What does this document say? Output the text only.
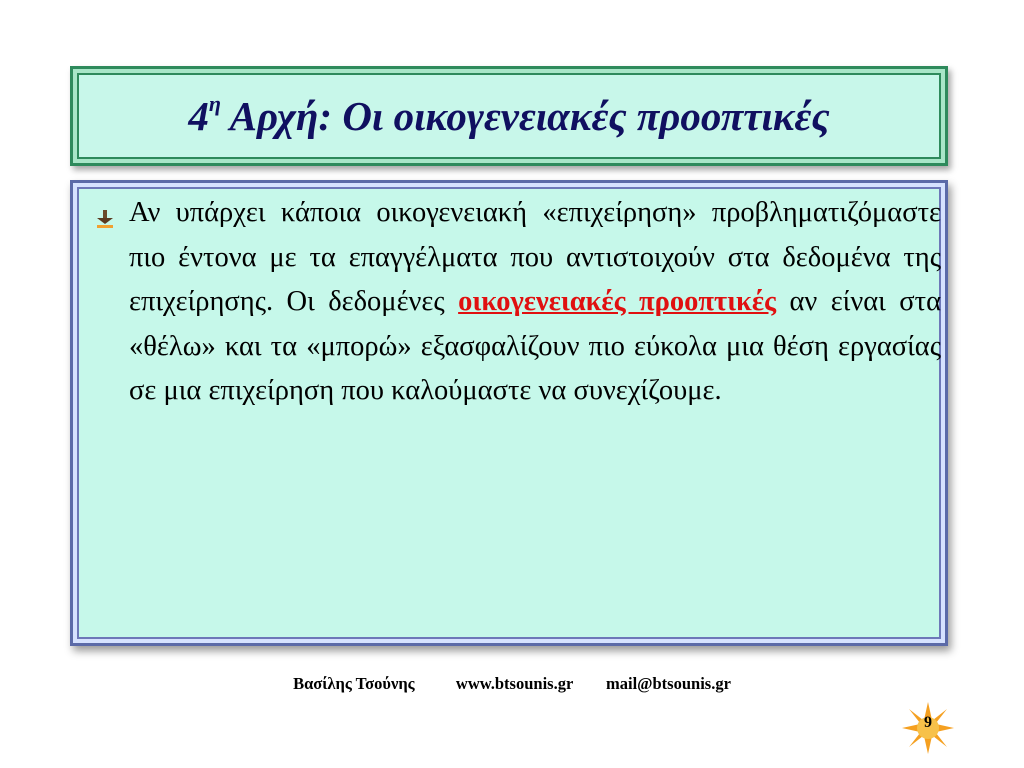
$4^\eta$ Αρχή: Οι οικογενειακές προοπτικές

Αν υπάρχει κάποια οικογενειακή «επιχείρηση» προβληματιζόμαστε πιο έντονα με τα επαγγέλματα που αντιστοιχούν στα δεδομένα της επιχείρησης. Οι δεδομένες οικογενειακές προοπτικές αν είναι στα «θέλω» και τα «μπορώ» εξασφαλίζουν πιο εύκολα μια θέση εργασίας σε μια επιχείρηση που καλούμαστε να συνεχίζουμε.

Βασίλης Τσούνης	www.btsounis.gr mail@btsounis.gr
9
